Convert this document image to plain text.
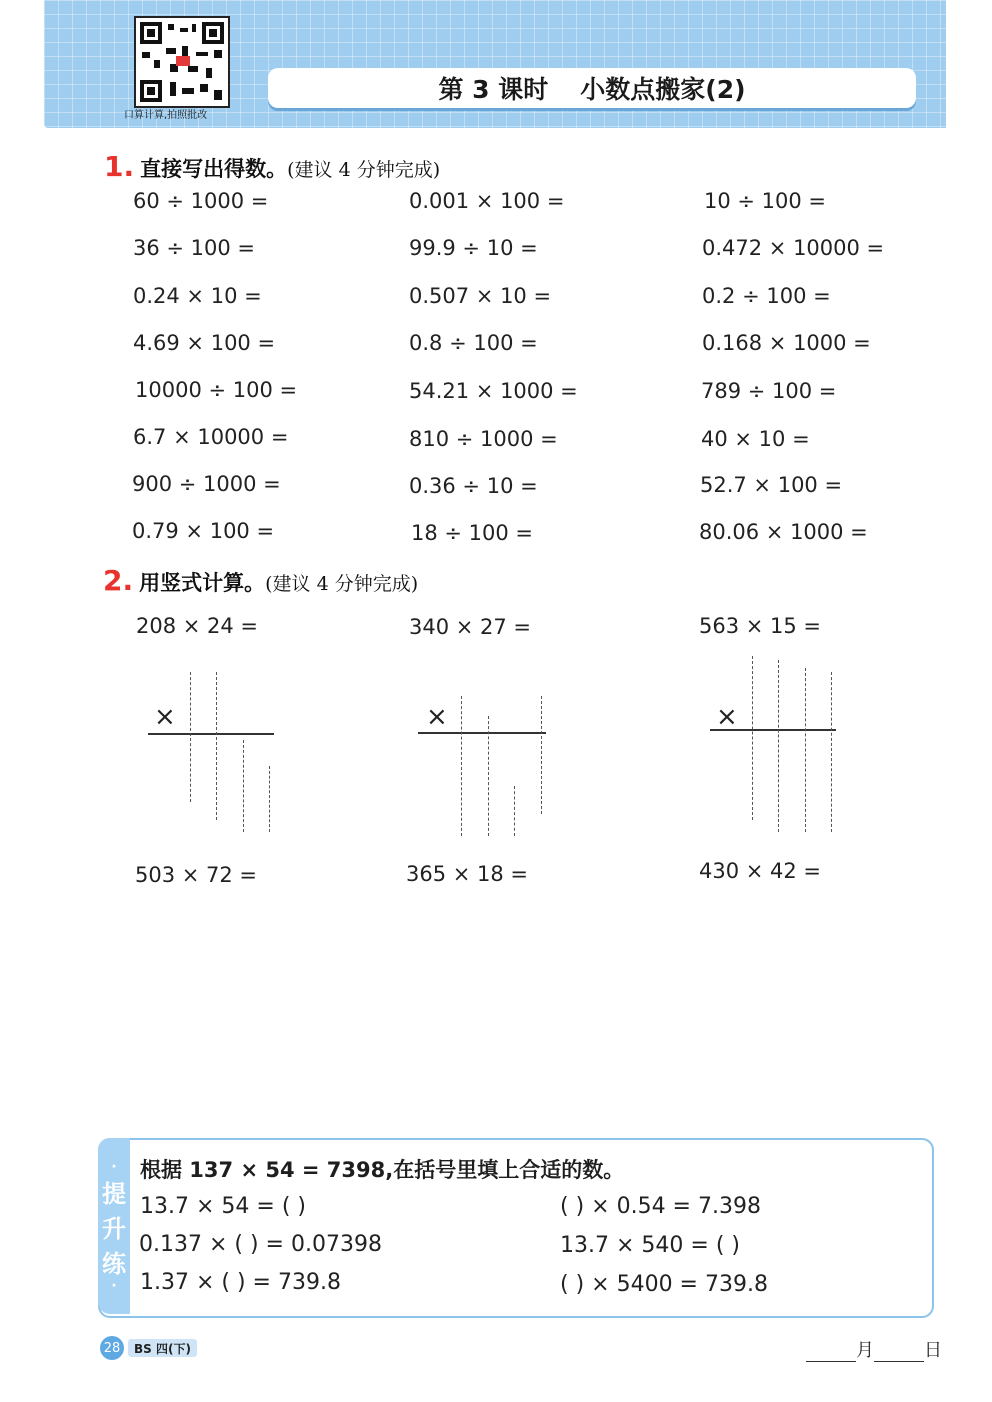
口算计算,拍照批改
第 3 课时 小数点搬家(2)
1. 直接写出得数。 (建议 4 分钟完成)
60 ÷ 1000 =	0.001 × 100 =	10 ÷ 100 =
36 ÷ 100 =	99.9 ÷ 10 =	0.472 × 10000 =
0.24 × 10 =	0.507 × 10 =	0.2 ÷ 100 =
4.69 × 100 =	0.8 ÷ 100 =	0.168 × 1000 =
10000 ÷ 100 =	54.21 × 1000 =	789 ÷ 100 =
6.7 × 10000 =	810 ÷ 1000 =	40 × 10 =
900 ÷ 1000 =	0.36 ÷ 10 =	52.7 × 100 =
0.79 × 100 =	18 ÷ 100 =	80.06 × 1000 =
2. 用竖式计算。 (建议 4 分钟完成)
208 × 24 =	340 × 27 =	563 × 15 =
×	×	×
503 × 72 =	365 × 18 =	430 × 42 =
·
提
升
练
·
根据 137 × 54 = 7398,在括号里填上合适的数。
13.7 × 54 = ( )	( ) × 0.54 = 7.398
0.137 × ( ) = 0.07398	13.7 × 540 = ( )
1.37 × ( ) = 739.8	( ) × 5400 = 739.8
28	BS 四(下)	月	日
